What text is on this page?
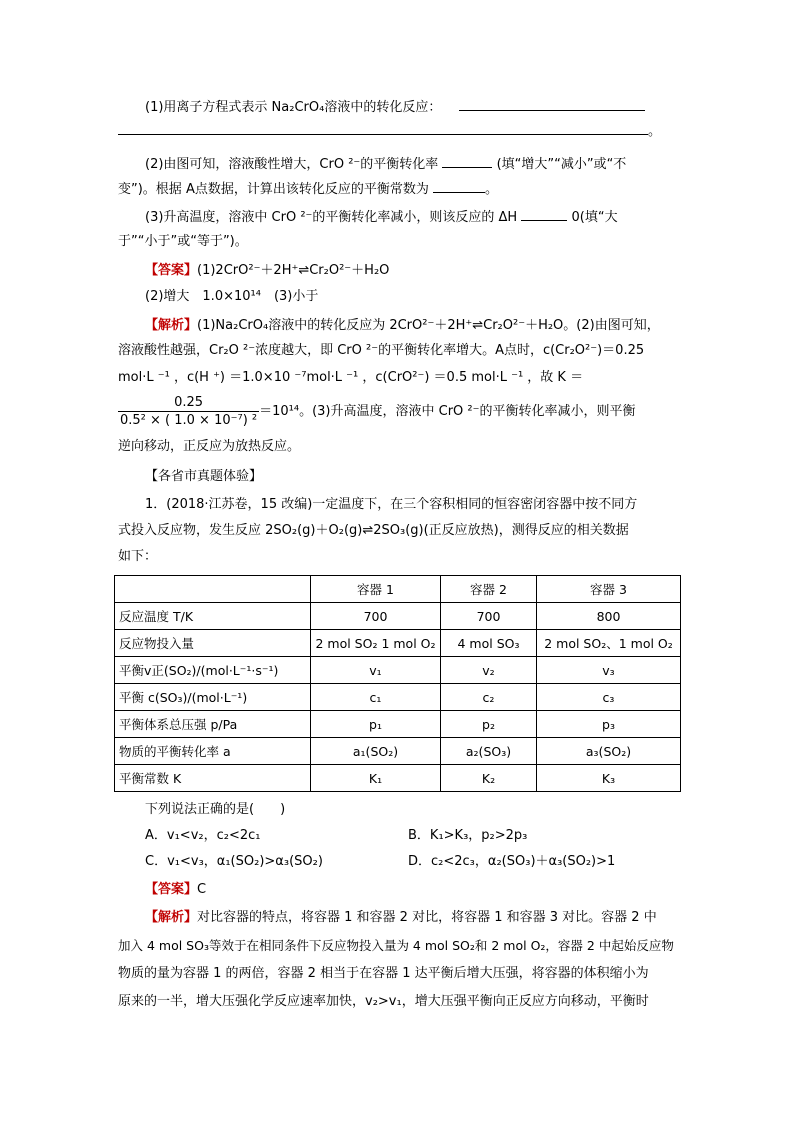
(1)用离子方程式表示 Na₂CrO₄溶液中的转化反应：
。
(2)由图可知，溶液酸性增大，CrO ²⁻的平衡转化率	(填“增大”“减小”或“不
变”)。根据 A点数据，计算出该转化反应的平衡常数为	。
(3)升高温度，溶液中 CrO ²⁻的平衡转化率减小，则该反应的 ΔH	0(填“大
于”“小于”或“等于”)。
【答案】(1)2CrO²⁻＋2H⁺⇌Cr₂O²⁻＋H₂O
(2)增大　1.0×10¹⁴　(3)小于
【解析】(1)Na₂CrO₄溶液中的转化反应为 2CrO²⁻＋2H⁺⇌Cr₂O²⁻＋H₂O。(2)由图可知，
溶液酸性越强，Cr₂O ²⁻浓度越大，即 CrO ²⁻的平衡转化率增大。A点时，c(Cr₂O²⁻)＝0.25
mol·L ⁻¹ ，c(H ⁺) ＝1.0×10 ⁻⁷mol·L ⁻¹ ，c(CrO²⁻) ＝0.5 mol·L ⁻¹ ，故 K ＝
$\frac{0.25}{\text{0.5² × ( 1.0 × 10⁻⁷) ²}} =10^{14}$。(3)升高温度，溶液中 CrO ²⁻的平衡转化率减小，则平衡
逆向移动，正反应为放热反应。
【各省市真题体验】
1．(2018·江苏卷，15 改编)一定温度下，在三个容积相同的恒容密闭容器中按不同方
式投入反应物，发生反应 2SO₂(g)＋O₂(g)⇌2SO₃(g)(正反应放热)，测得反应的相关数据
如下：
	容器 1	容器 2	容器 3
反应温度 T/K	700	700	800
反应物投入量	2 mol SO₂ 1 mol O₂	4 mol SO₃	2 mol SO₂、1 mol O₂
平衡v正(SO₂)/(mol·L⁻¹·s⁻¹)	v₁	v₂	v₃
平衡 c(SO₃)/(mol·L⁻¹)	c₁	c₂	c₃
平衡体系总压强 p/Pa	p₁	p₂	p₃
物质的平衡转化率 a	a₁(SO₂)	a₂(SO₃)	a₃(SO₂)
平衡常数 K	K₁	K₂	K₃
下列说法正确的是(　　)
A．v₁<v₂，c₂<2c₁	B．K₁>K₃，p₂>2p₃
C．v₁<v₃，α₁(SO₂)>α₃(SO₂)	D．c₂<2c₃，α₂(SO₃)＋α₃(SO₂)>1
【答案】C
【解析】对比容器的特点，将容器 1 和容器 2 对比，将容器 1 和容器 3 对比。容器 2 中
加入 4 mol SO₃等效于在相同条件下反应物投入量为 4 mol SO₂和 2 mol O₂，容器 2 中起始反应物
物质的量为容器 1 的两倍，容器 2 相当于在容器 1 达平衡后增大压强，将容器的体积缩小为
原来的一半，增大压强化学反应速率加快，v₂>v₁，增大压强平衡向正反应方向移动，平衡时
